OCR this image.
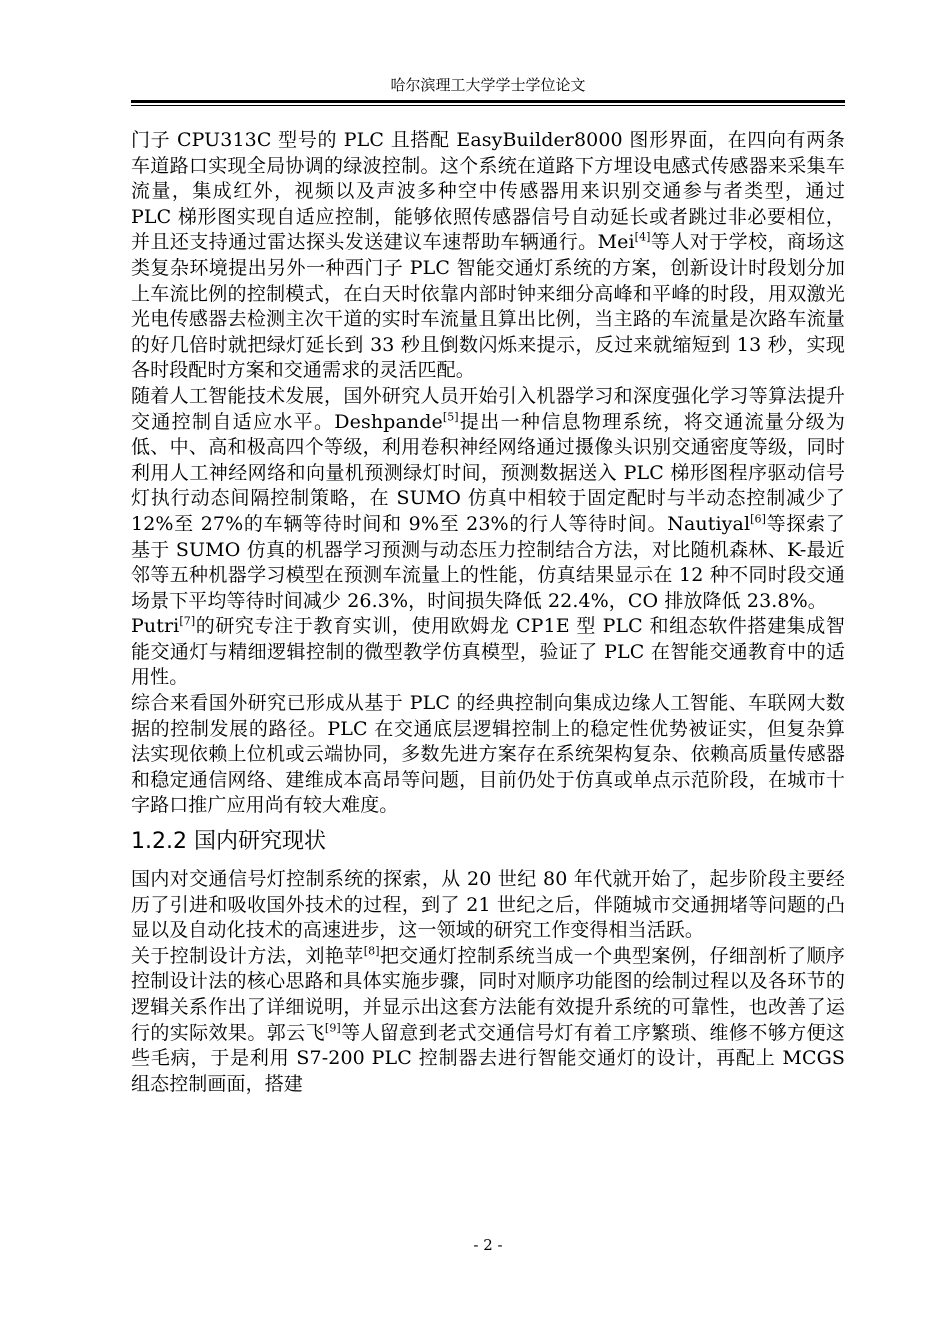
哈尔滨理工大学学士学位论文

门子 CPU313C 型号的 PLC 且搭配 EasyBuilder8000 图形界面，在四向有两条车道路口实现全局协调的绿波控制。这个系统在道路下方埋设电感式传感器来采集车流量，集成红外，视频以及声波多种空中传感器用来识别交通参与者类型，通过 PLC 梯形图实现自适应控制，能够依照传感器信号自动延长或者跳过非必要相位，并且还支持通过雷达探头发送建议车速帮助车辆通行。Mei[4]等人对于学校，商场这类复杂环境提出另外一种西门子 PLC 智能交通灯系统的方案，创新设计时段划分加上车流比例的控制模式，在白天时依靠内部时钟来细分高峰和平峰的时段，用双激光光电传感器去检测主次干道的实时车流量且算出比例，当主路的车流量是次路车流量的好几倍时就把绿灯延长到 33 秒且倒数闪烁来提示，反过来就缩短到 13 秒，实现各时段配时方案和交通需求的灵活匹配。

随着人工智能技术发展，国外研究人员开始引入机器学习和深度强化学习等算法提升交通控制自适应水平。Deshpande[5]提出一种信息物理系统，将交通流量分级为低、中、高和极高四个等级，利用卷积神经网络通过摄像头识别交通密度等级，同时利用人工神经网络和向量机预测绿灯时间，预测数据送入 PLC 梯形图程序驱动信号灯执行动态间隔控制策略，在 SUMO 仿真中相较于固定配时与半动态控制减少了 12%至 27%的车辆等待时间和 9%至 23%的行人等待时间。Nautiyal[6]等探索了基于 SUMO 仿真的机器学习预测与动态压力控制结合方法，对比随机森林、K-最近邻等五种机器学习模型在预测车流量上的性能，仿真结果显示在 12 种不同时段交通场景下平均等待时间减少 26.3%，时间损失降低 22.4%，CO 排放降低 23.8%。

Putri[7]的研究专注于教育实训，使用欧姆龙 CP1E 型 PLC 和组态软件搭建集成智能交通灯与精细逻辑控制的微型教学仿真模型，验证了 PLC 在智能交通教育中的适用性。

综合来看国外研究已形成从基于 PLC 的经典控制向集成边缘人工智能、车联网大数据的控制发展的路径。PLC 在交通底层逻辑控制上的稳定性优势被证实，但复杂算法实现依赖上位机或云端协同，多数先进方案存在系统架构复杂、依赖高质量传感器和稳定通信网络、建维成本高昂等问题，目前仍处于仿真或单点示范阶段，在城市十字路口推广应用尚有较大难度。

1.2.2 国内研究现状

国内对交通信号灯控制系统的探索，从 20 世纪 80 年代就开始了，起步阶段主要经历了引进和吸收国外技术的过程，到了 21 世纪之后，伴随城市交通拥堵等问题的凸显以及自动化技术的高速进步，这一领域的研究工作变得相当活跃。

关于控制设计方法，刘艳苹[8]把交通灯控制系统当成一个典型案例，仔细剖析了顺序控制设计法的核心思路和具体实施步骤，同时对顺序功能图的绘制过程以及各环节的逻辑关系作出了详细说明，并显示出这套方法能有效提升系统的可靠性，也改善了运行的实际效果。郭云飞[9]等人留意到老式交通信号灯有着工序繁琐、维修不够方便这些毛病，于是利用 S7-200 PLC 控制器去进行智能交通灯的设计，再配上 MCGS 组态控制画面，搭建

- 2 -
